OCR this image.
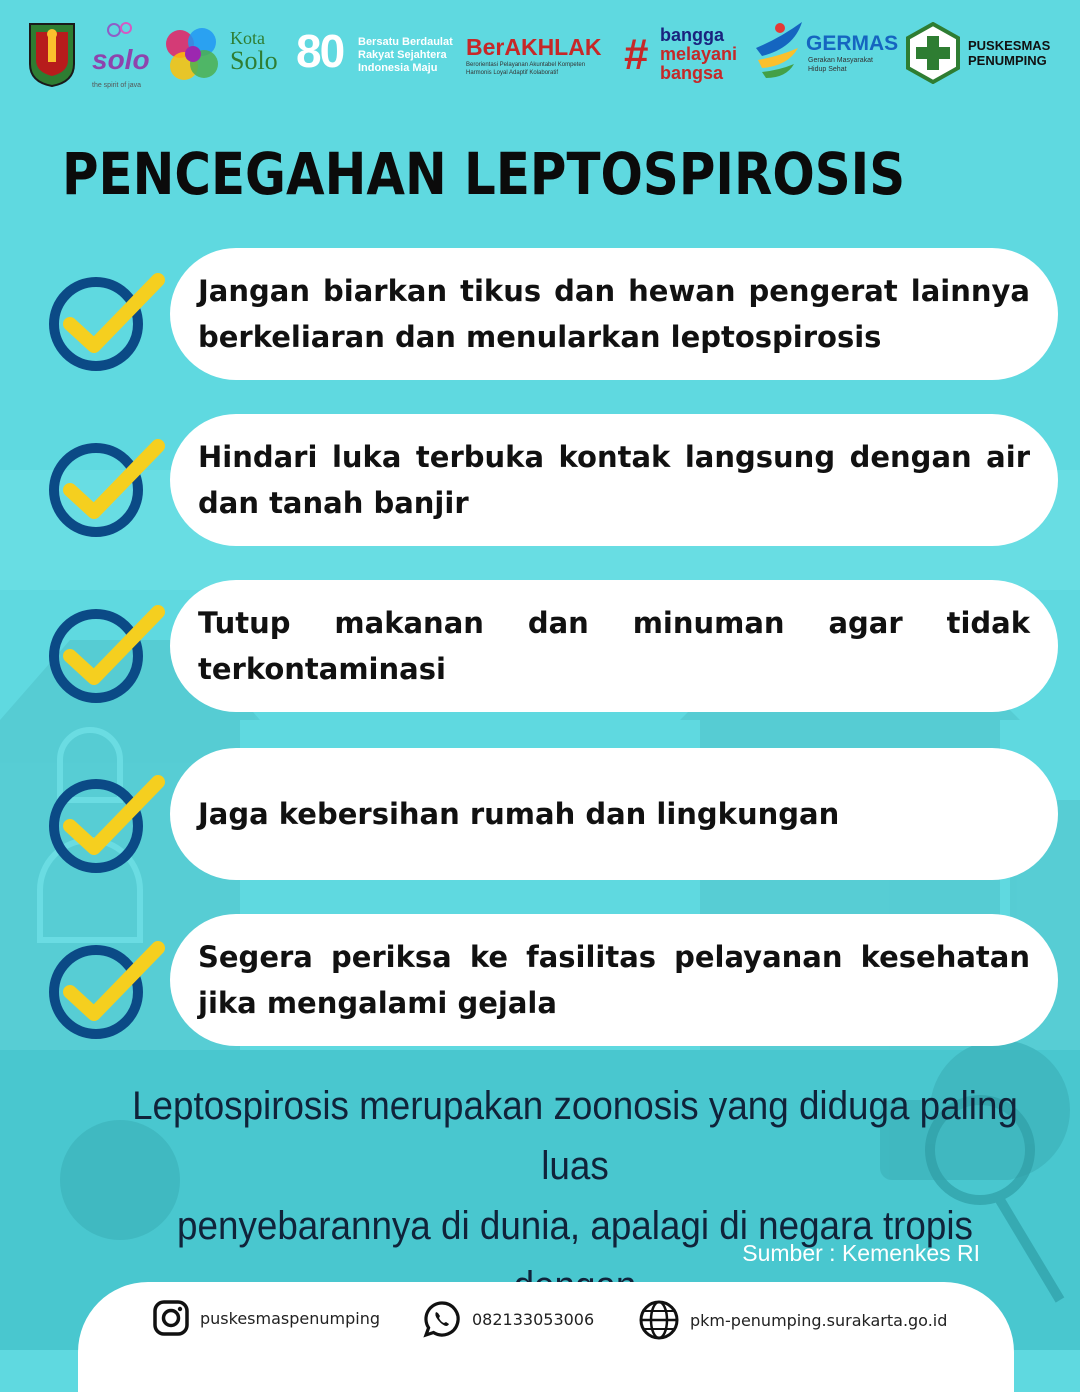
solo
the spirit of java
Kota
Solo 80 Bersatu Berdaulat
Rakyat Sejahtera
Indonesia Maju
BerAKHLAK
Berorientasi Pelayanan Akuntabel Kompeten
Harmonis Loyal Adaptif Kolaboratif	# bangga
melayani
bangsa
GERMAS
Gerakan Masyarakat
Hidup Sehat
PUSKESMAS
PENUMPING
PENCEGAHAN LEPTOSPIROSIS
Jangan biarkan tikus dan hewan pengerat lainnya berkeliaran dan menularkan leptospirosis
Hindari luka terbuka kontak langsung dengan air dan tanah banjir
Tutup makanan dan minuman agar tidak terkontaminasi
Jaga kebersihan rumah dan lingkungan
Segera periksa ke fasilitas pelayanan kesehatan jika mengalami gejala
Leptospirosis merupakan zoonosis yang diduga paling luas
penyebarannya di dunia, apalagi di negara tropis
Sumber : Kemenkes RI
puskesmaspenumping	082133053006	pkm-penumping.surakarta.go.id
